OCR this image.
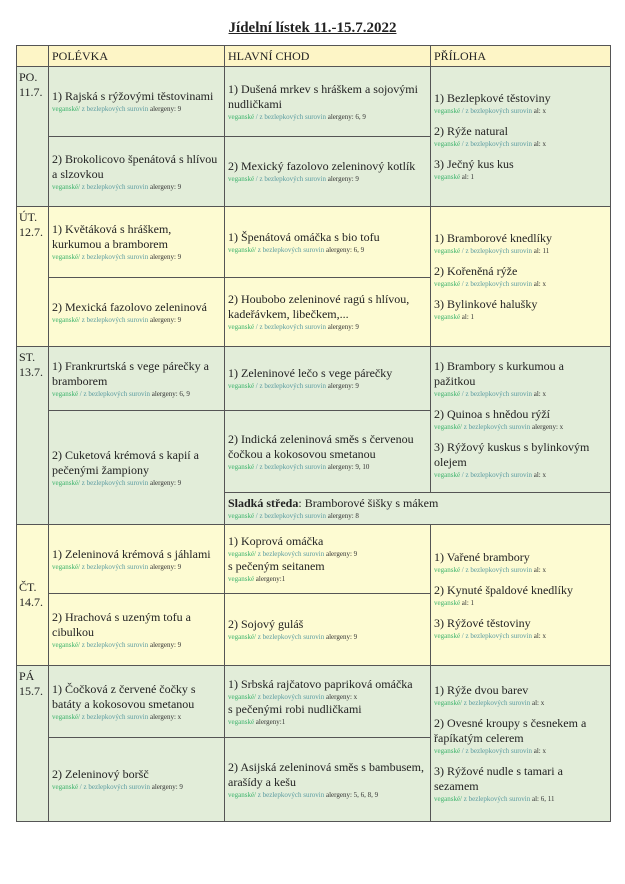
Jídelní lístek 11.-15.7.2022
POLÉVKA	HLAVNÍ CHOD	PŘÍLOHA
PO.
11.7. 1) Rajská s rýžovými těstovinami
veganské/ z bezlepkových surovin alergeny: 9
2) Brokolicovo špenátová s hlívou a slzovkou
veganské/ z bezlepkových surovin alergeny: 9
1) Dušená mrkev s hráškem a sojovými nudličkami
veganské / z bezlepkových surovin alergeny: 6, 9
2) Mexický fazolovo zeleninový kotlík
veganské / z bezlepkových surovin alergeny: 9
1) Bezlepkové těstoviny
veganské / z bezlepkových surovin al: x
2) Rýže natural
veganské / z bezlepkových surovin al: x
3) Ječný kus kus
veganské al: 1
ÚT.
12.7. 1) Květáková s hráškem, kurkumou a bramborem
veganské/ z bezlepkových surovin alergeny: 9
2) Mexická fazolovo zeleninová
veganské/ z bezlepkových surovin alergeny: 9
1) Špenátová omáčka s bio tofu
veganské/ z bezlepkových surovin alergeny: 6, 9
2) Houbobo zeleninové ragú s hlívou, kadeřávkem, libečkem,...
veganské / z bezlepkových surovin alergeny: 9
1) Bramborové knedlíky
veganské / z bezlepkových surovin al: 11
2) Kořeněná rýže
veganské / z bezlepkových surovin al: x
3) Bylinkové halušky
veganské al: 1
ST.
13.7. 1) Frankrurtská s vege párečky a bramborem
veganské / z bezlepkových surovin alergeny: 6, 9
2) Cuketová krémová s kapií a pečenými žampiony
veganské/ z bezlepkových surovin alergeny: 9
1) Zeleninové lečo s vege párečky
veganské / z bezlepkových surovin alergeny: 9
2) Indická zeleninová směs s červenou čočkou a kokosovou smetanou
veganské / z bezlepkových surovin alergeny: 9, 10
1) Brambory s kurkumou a pažitkou
veganské / z bezlepkových surovin al: x
2) Quinoa s hnědou rýží
veganské/ z bezlepkových surovin alergeny: x
3) Rýžový kuskus s bylinkovým olejem
veganské / z bezlepkových surovin al: x
Sladká středa: Bramborové šišky s mákem
veganské / z bezlepkových surovin alergeny: 8
ČT.
14.7.
1) Zeleninová krémová s jáhlami
veganské/ z bezlepkových surovin alergeny: 9
2) Hrachová s uzeným tofu a cibulkou
veganské/ z bezlepkových surovin alergeny: 9
1) Koprová omáčka
veganské/ z bezlepkových surovin alergeny: 9
s pečeným seitanem
veganské alergeny:1
2) Sojový guláš
veganské/ z bezlepkových surovin alergeny: 9
1) Vařené brambory
veganské / z bezlepkových surovin al: x
2) Kynuté špaldové knedlíky
veganské al: 1
3) Rýžové těstoviny
veganské / z bezlepkových surovin al: x
PÁ
15.7. 1) Čočková z červené čočky s batáty a kokosovou smetanou
veganské/ z bezlepkových surovin alergeny: x
2) Zeleninový boršč
veganské / z bezlepkových surovin alergeny: 9
1) Srbská rajčatovo papriková omáčka
veganské/ z bezlepkových surovin alergeny: x
s pečenými robi nudličkami
veganské alergeny:1
2) Asijská zeleninová směs s bambusem, arašídy a kešu
veganské/ z bezlepkových surovin alergeny: 5, 6, 8, 9
1) Rýže dvou barev
veganské/ z bezlepkových surovin al: x
2) Ovesné kroupy s česnekem a řapíkatým celerem
veganské / z bezlepkových surovin al: x
3) Rýžové nudle s tamari a sezamem
veganské/ z bezlepkových surovin al: 6, 11
